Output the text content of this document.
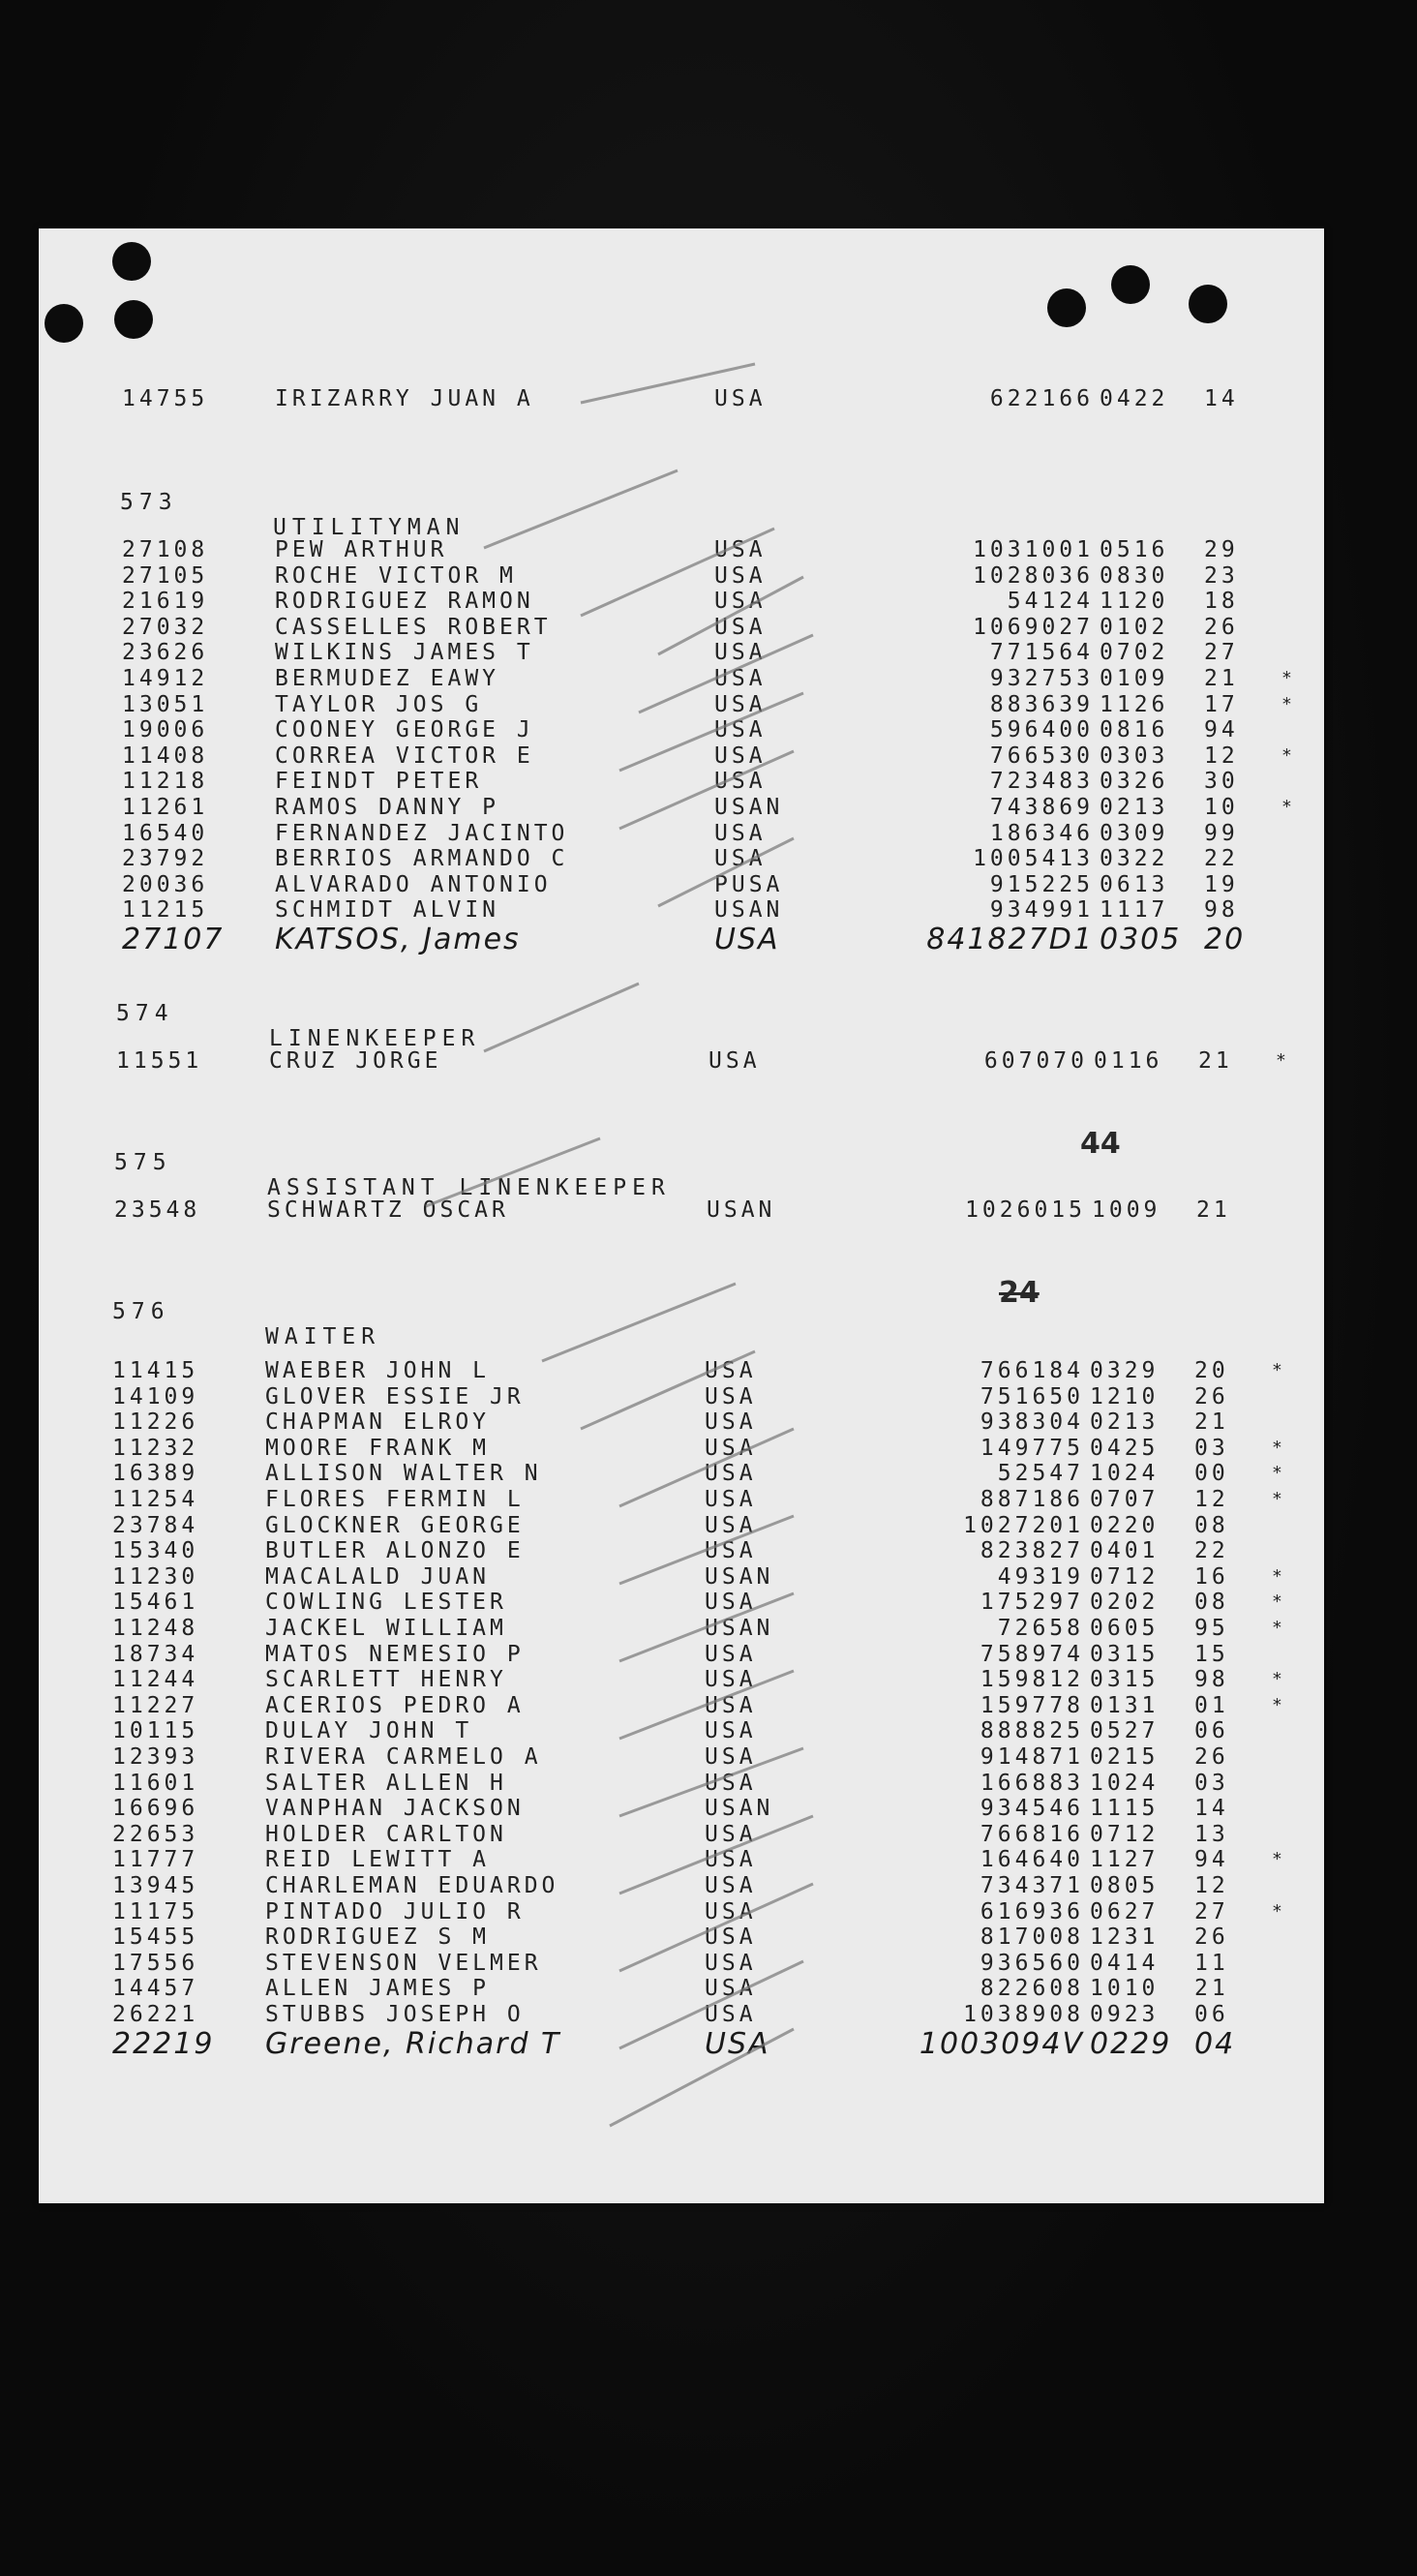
14755	IRIZARRY JUAN A	USA	622166 0422 14

573

UTILITYMAN

27108	PEW ARTHUR	USA	1031001 0516 29
27105	ROCHE VICTOR M	USA	1028036 0830 23
21619	RODRIGUEZ RAMON	USA	54124 1120 18
27032	CASSELLES ROBERT	USA	1069027 0102 26
23626	WILKINS JAMES T	USA	771564 0702 27
14912	BERMUDEZ EAWY	USA	932753 0109 21 *
13051	TAYLOR JOS G	USA	883639 1126 17 *
19006	COONEY GEORGE J	USA	596400 0816 94
11408	CORREA VICTOR E	USA	766530 0303 12 *
11218	FEINDT PETER	USA	723483 0326 30
11261	RAMOS DANNY P	USAN	743869 0213 10 *
16540	FERNANDEZ JACINTO	USA	186346 0309 99
23792	BERRIOS ARMANDO C	USA	1005413 0322 22
20036	ALVARADO ANTONIO	PUSA	915225 0613 19
11215	SCHMIDT ALVIN	USAN	934991 1117 98
27107 KATSOS, James	USA	841827D1 0305 20

574

LINENKEEPER

11551	CRUZ JORGE	USA	607070 0116 21 *

575

ASSISTANT LINENKEEPER

44
23548	SCHWARTZ OSCAR	USAN	1026015 1009 21

576

WAITER

24
11415	WAEBER JOHN L	USA	766184 0329 20 *
14109	GLOVER ESSIE JR	USA	751650 1210 26
11226	CHAPMAN ELROY	USA	938304 0213 21
11232	MOORE FRANK M	USA	149775 0425 03 *
16389	ALLISON WALTER N	USA	52547 1024 00 *
11254	FLORES FERMIN L	USA	887186 0707 12 *
23784	GLOCKNER GEORGE	USA	1027201 0220 08
15340	BUTLER ALONZO E	USA	823827 0401 22
11230	MACALALD JUAN	USAN	49319 0712 16 *
15461	COWLING LESTER	USA	175297 0202 08 *
11248	JACKEL WILLIAM	USAN	72658 0605 95 *
18734	MATOS NEMESIO P	USA	758974 0315 15
11244	SCARLETT HENRY	USA	159812 0315 98 *
11227	ACERIOS PEDRO A	USA	159778 0131 01 *
10115	DULAY JOHN T	USA	888825 0527 06
12393	RIVERA CARMELO A	USA	914871 0215 26
11601	SALTER ALLEN H	USA	166883 1024 03
16696	VANPHAN JACKSON	USAN	934546 1115 14
22653	HOLDER CARLTON	USA	766816 0712 13
11777	REID LEWITT A	USA	164640 1127 94 *
13945	CHARLEMAN EDUARDO	USA	734371 0805 12
11175	PINTADO JULIO R	USA	616936 0627 27 *
15455	RODRIGUEZ S M	USA	817008 1231 26
17556	STEVENSON VELMER	USA	936560 0414 11
14457	ALLEN JAMES P	USA	822608 1010 21
26221	STUBBS JOSEPH O	USA	1038908 0923 06
22219 Greene, Richard T	USA	1003094V 0229 04
